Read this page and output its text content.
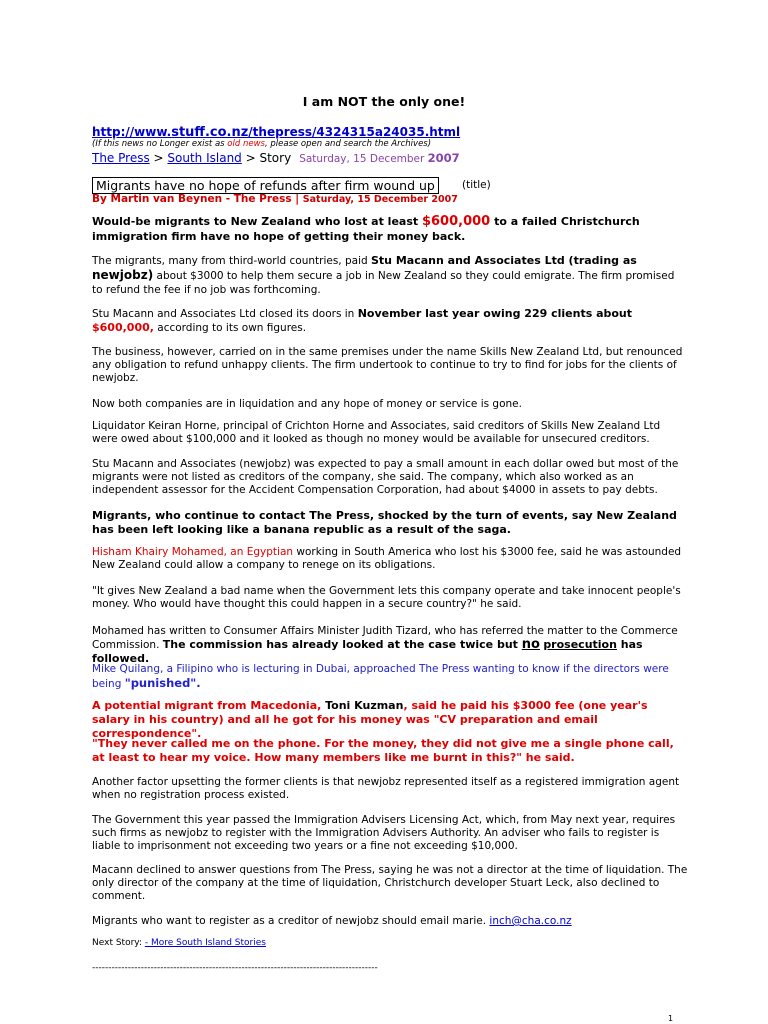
I am NOT the only one!
http://www.stuff.co.nz/thepress/4324315a24035.html
(If this news no Longer exist as old news, please open and search the Archives)
The Press > South Island > Story Saturday, 15 December 2007
Migrants have no hope of refunds after firm wound up	(title)
By Martin van Beynen - The Press | Saturday, 15 December 2007
Would-be migrants to New Zealand who lost at least $600,000 to a failed Christchurch immigration firm have no hope of getting their money back.
The migrants, many from third-world countries, paid Stu Macann and Associates Ltd (trading as
newjobz) about $3000 to help them secure a job in New Zealand so they could emigrate. The firm promised to refund the fee if no job was forthcoming.
Stu Macann and Associates Ltd closed its doors in November last year owing 229 clients about $600,000, according to its own figures.
The business, however, carried on in the same premises under the name Skills New Zealand Ltd, but renounced any obligation to refund unhappy clients. The firm undertook to continue to try to find for jobs for the clients of newjobz.
Now both companies are in liquidation and any hope of money or service is gone.
Liquidator Keiran Horne, principal of Crichton Horne and Associates, said creditors of Skills New Zealand Ltd were owed about $100,000 and it looked as though no money would be available for unsecured creditors.
Stu Macann and Associates (newjobz) was expected to pay a small amount in each dollar owed but most of the migrants were not listed as creditors of the company, she said. The company, which also worked as an independent assessor for the Accident Compensation Corporation, had about $4000 in assets to pay debts.
Migrants, who continue to contact The Press, shocked by the turn of events, say New Zealand has been left looking like a banana republic as a result of the saga.
Hisham Khairy Mohamed, an Egyptian working in South America who lost his $3000 fee, said he was astounded New Zealand could allow a company to renege on its obligations.
"It gives New Zealand a bad name when the Government lets this company operate and take innocent people's money. Who would have thought this could happen in a secure country?" he said.
Mohamed has written to Consumer Affairs Minister Judith Tizard, who has referred the matter to the Commerce Commission. The commission has already looked at the case twice but no prosecution has followed.
Mike Quilang, a Filipino who is lecturing in Dubai, approached The Press wanting to know if the directors were being "punished".
A potential migrant from Macedonia, Toni Kuzman, said he paid his $3000 fee (one year's salary in his country) and all he got for his money was "CV preparation and email correspondence".
"They never called me on the phone. For the money, they did not give me a single phone call, at least to hear my voice. How many members like me burnt in this?" he said.
Another factor upsetting the former clients is that newjobz represented itself as a registered immigration agent when no registration process existed.
The Government this year passed the Immigration Advisers Licensing Act, which, from May next year, requires such firms as newjobz to register with the Immigration Advisers Authority. An adviser who fails to register is liable to imprisonment not exceeding two years or a fine not exceeding $10,000.
Macann declined to answer questions from The Press, saying he was not a director at the time of liquidation. The only director of the company at the time of liquidation, Christchurch developer Stuart Leck, also declined to comment.
Migrants who want to register as a creditor of newjobz should email marie. inch@cha.co.nz
Next Story: - More South Island Stories
----------------------------------------------------------------------------------------
1
